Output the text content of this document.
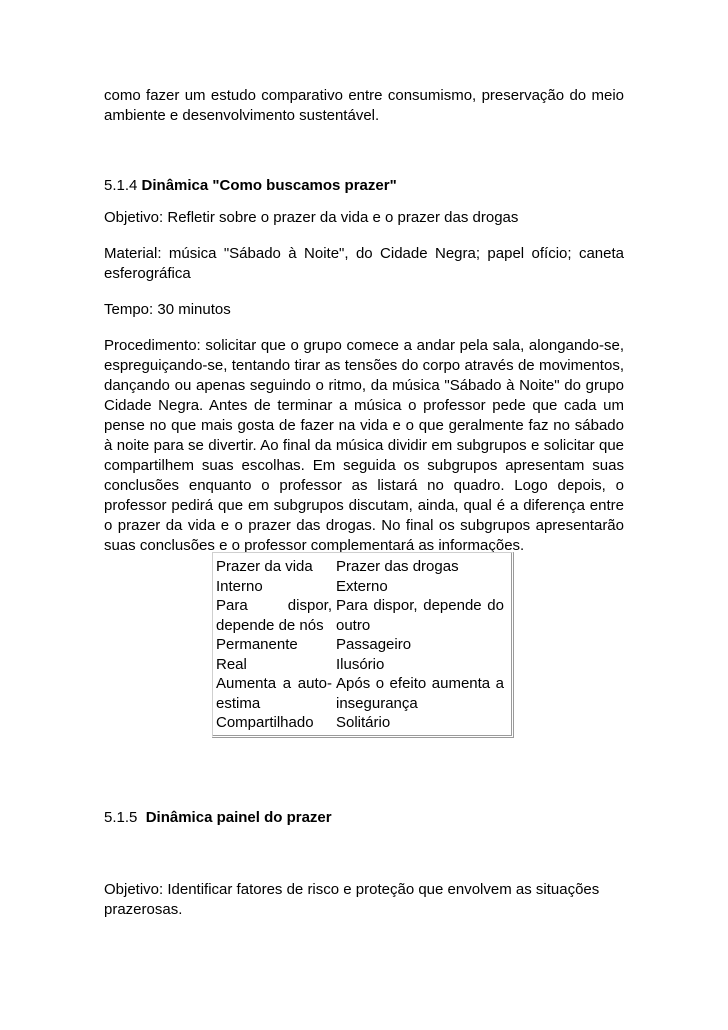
como fazer um estudo comparativo entre consumismo, preservação do meio ambiente e desenvolvimento sustentável.

5.1.4 Dinâmica "Como buscamos prazer"

Objetivo: Refletir sobre o prazer da vida e o prazer das drogas

Material: música "Sábado à Noite", do Cidade Negra; papel ofício; caneta esferográfica

Tempo: 30 minutos

Procedimento: solicitar que o grupo comece a andar pela sala, alongando-se, espreguiçando-se, tentando tirar as tensões do corpo através de movimentos, dançando ou apenas seguindo o ritmo, da música "Sábado à Noite" do grupo Cidade Negra. Antes de terminar a música o professor pede que cada um pense no que mais gosta de fazer na vida e o que geralmente faz no sábado à noite para se divertir. Ao final da música dividir em subgrupos e solicitar que compartilhem suas escolhas. Em seguida os subgrupos apresentam suas conclusões enquanto o professor as listará no quadro. Logo depois, o professor pedirá que em subgrupos discutam, ainda, qual é a diferença entre o prazer da vida e o prazer das drogas. No final os subgrupos apresentarão suas conclusões e o professor complementará as informações.

Prazer da vida	Prazer das drogas
Interno	Externo
Para dispor, depende de nós	Para dispor, depende do outro
Permanente	Passageiro
Real	Ilusório
Aumenta a auto-estima	Após o efeito aumenta a insegurança
Compartilhado	Solitário

5.1.5 Dinâmica painel do prazer

Objetivo: Identificar fatores de risco e proteção que envolvem as situações prazerosas.
